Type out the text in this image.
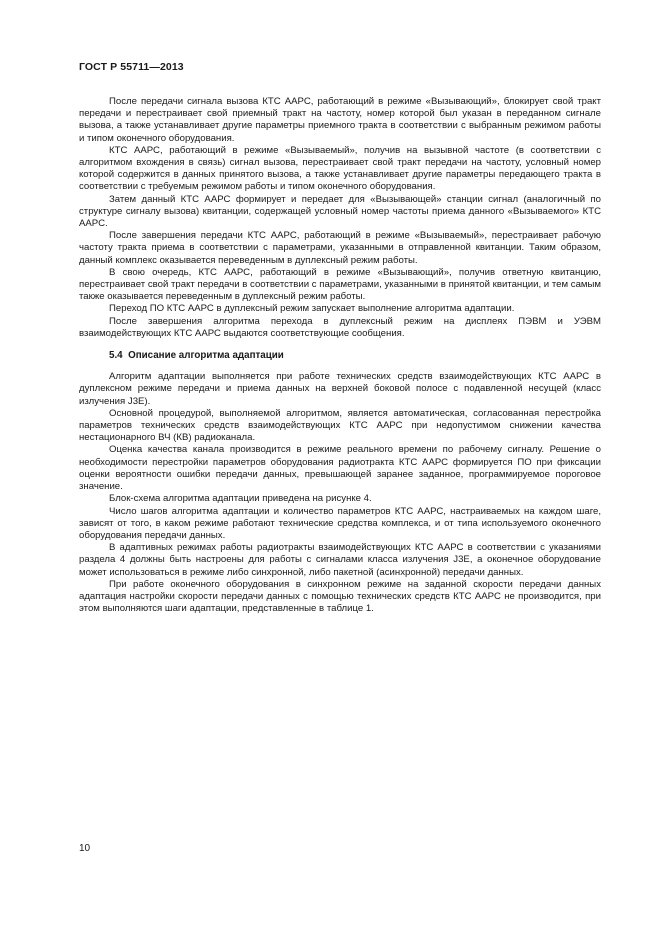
ГОСТ Р 55711—2013

После передачи сигнала вызова КТС ААРС, работающий в режиме «Вызывающий», блокирует свой тракт передачи и перестраивает свой приемный тракт на частоту, номер которой был указан в переданном сигнале вызова, а также устанавливает другие параметры приемного тракта в соответствии с выбранным режимом работы и типом оконечного оборудования.

КТС ААРС, работающий в режиме «Вызываемый», получив на вызывной частоте (в соответствии с алгоритмом вхождения в связь) сигнал вызова, перестраивает свой тракт передачи на частоту, условный номер которой содержится в данных принятого вызова, а также устанавливает другие параметры передающего тракта в соответствии с требуемым режимом работы и типом оконечного оборудования.

Затем данный КТС ААРС формирует и передает для «Вызывающей» станции сигнал (аналогичный по структуре сигналу вызова) квитанции, содержащей условный номер частоты приема данного «Вызываемого» КТС ААРС.

После завершения передачи КТС ААРС, работающий в режиме «Вызываемый», перестраивает рабочую частоту тракта приема в соответствии с параметрами, указанными в отправленной квитанции. Таким образом, данный комплекс оказывается переведенным в дуплексный режим работы.

В свою очередь, КТС ААРС, работающий в режиме «Вызывающий», получив ответную квитанцию, перестраивает свой тракт передачи в соответствии с параметрами, указанными в принятой квитанции, и тем самым также оказывается переведенным в дуплексный режим работы.

Переход ПО КТС ААРС в дуплексный режим запускает выполнение алгоритма адаптации.

После завершения алгоритма перехода в дуплексный режим на дисплеях ПЭВМ и УЭВМ взаимодействующих КТС ААРС выдаются соответствующие сообщения.

5.4 Описание алгоритма адаптации

Алгоритм адаптации выполняется при работе технических средств взаимодействующих КТС ААРС в дуплексном режиме передачи и приема данных на верхней боковой полосе с подавленной несущей (класс излучения J3E).

Основной процедурой, выполняемой алгоритмом, является автоматическая, согласованная перестройка параметров технических средств взаимодействующих КТС ААРС при недопустимом снижении качества нестационарного ВЧ (КВ) радиоканала.

Оценка качества канала производится в режиме реального времени по рабочему сигналу. Решение о необходимости перестройки параметров оборудования радиотракта КТС ААРС формируется ПО при фиксации оценки вероятности ошибки передачи данных, превышающей заранее заданное, программируемое пороговое значение.

Блок-схема алгоритма адаптации приведена на рисунке 4.

Число шагов алгоритма адаптации и количество параметров КТС ААРС, настраиваемых на каждом шаге, зависят от того, в каком режиме работают технические средства комплекса, и от типа используемого оконечного оборудования передачи данных.

В адаптивных режимах работы радиотракты взаимодействующих КТС ААРС в соответствии с указаниями раздела 4 должны быть настроены для работы с сигналами класса излучения J3E, а оконечное оборудование может использоваться в режиме либо синхронной, либо пакетной (асинхронной) передачи данных.

При работе оконечного оборудования в синхронном режиме на заданной скорости передачи данных адаптация настройки скорости передачи данных с помощью технических средств КТС ААРС не производится, при этом выполняются шаги адаптации, представленные в таблице 1.

10
